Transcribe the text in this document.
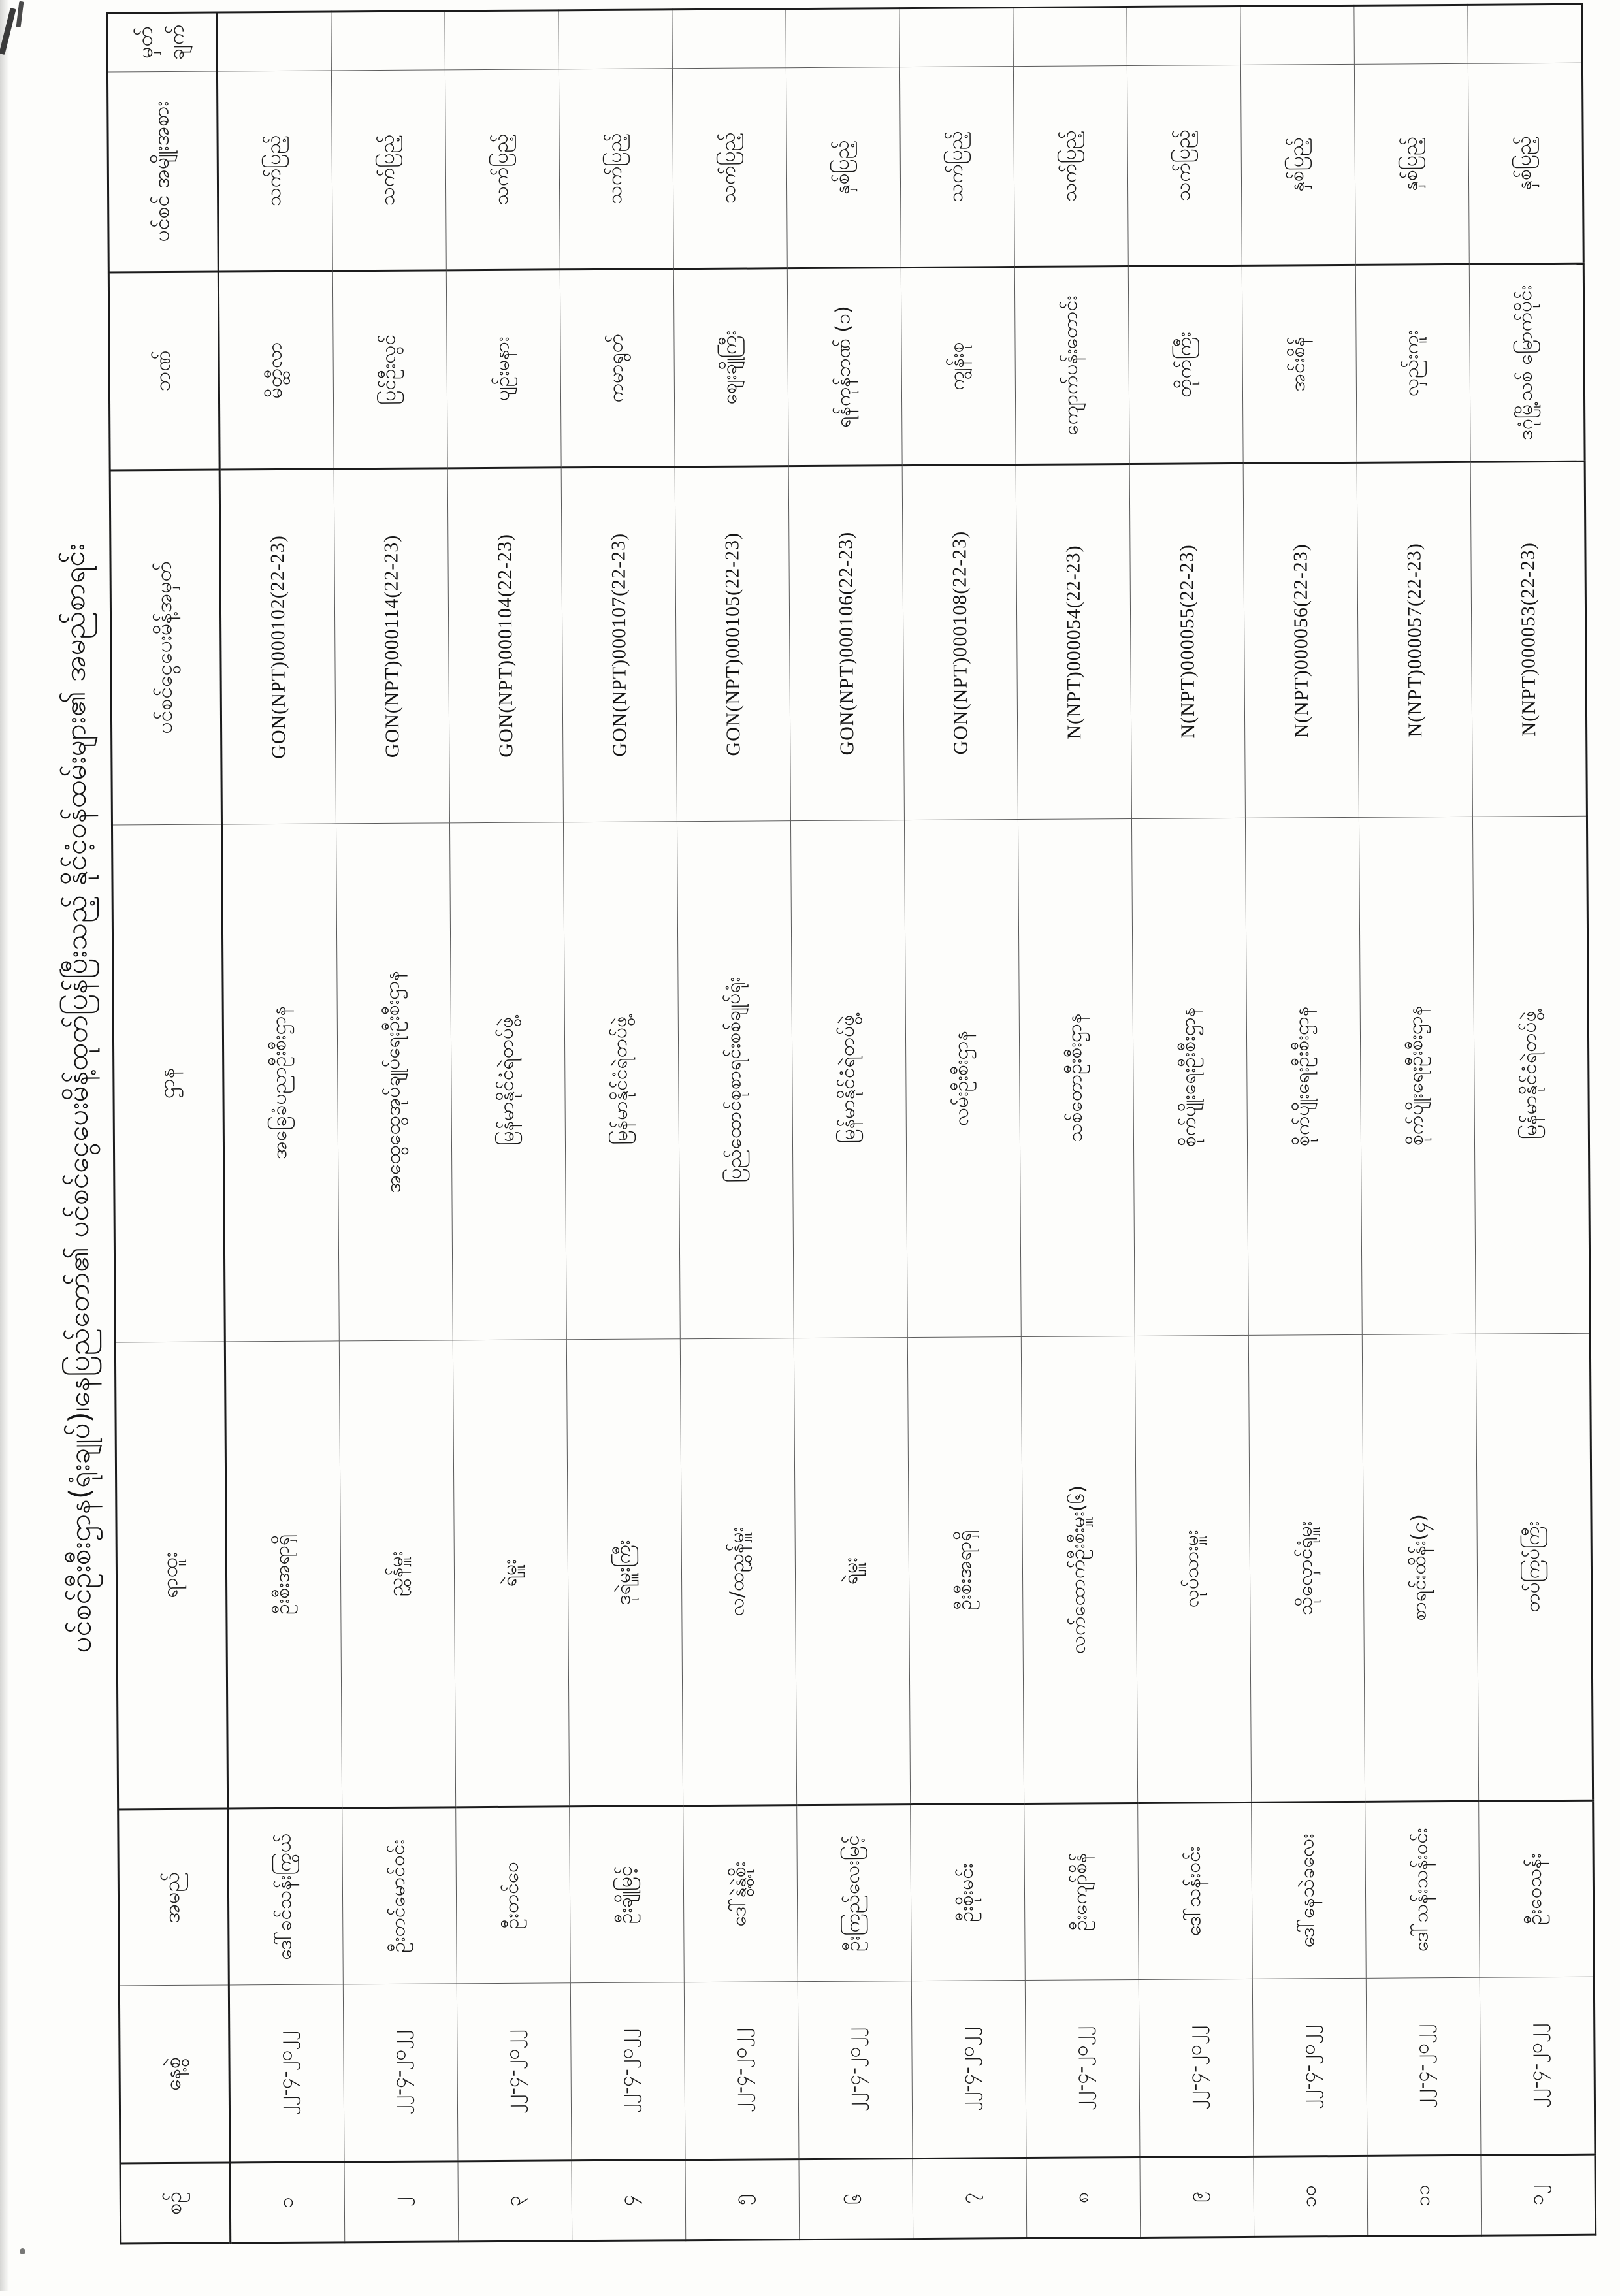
ပင်စင်ဦးစီးဌာန(ရုံးချုပ်)၊နေပြည်တော်၏ ပင်စင်ငွေပေးမိန့်ထုတ်ပြန်ပြီးသည့် နိုင်ငံ့ဝန်ထမ်းများ၏ အမည်စာရင်း
စဉ်	နေ့စွဲ	အမည်	ရာထူး	ဌာန	ပင်စင်ငွေပေးမိန့်အမှတ်	ဘဏ်	ပင်စင် အမျိုးအစား	မှတ် ချက်
၁	၂၂-၄-၂၀၂၂	ဒေါ်ခင်သန်းကြွယ်	ဦးစီးအရာရှိ	အခြေခံပညာဦးစီးဌာန	GON(NPT)000102(22-23)	မိတ္ထီလာ	သက်ပြည့်	
၂	၂၂-၄-၂၀၂၂	ဦးတင်မောင်ဝင်း	ညွှန်မှူး	အထွေထွေအုပ်ချုပ်ရေးဦးစီးဌာန	GON(NPT)000114(22-23)	ပြင်ဦးလွင်	သက်ပြည့်	
၃	၂၂-၄-၂၀၂၂	ဦးတင်ဝေ	ရဲမှူး	မြန်မာနိုင်ငံရဲတပ်ဖွဲ့	GON(NPT)000104(22-23)	ပျဉ်းမနား	သက်ပြည့်	
၄	၂၂-၄-၂၀၂၂	ဦးချိုမြင့်	ဒုရဲမှူးကြီး	မြန်မာနိုင်ငံရဲတပ်ဖွဲ့	GON(NPT)000107(22-23)	ကမာရွတ်	သက်ပြည့်	
၅	၂၂-၄-၂၀၂၂	ဒေါ်နွဲ့နွဲ့စိုး	လ/ထညွှန်မှူး	ပြည်ထောင်စုစာရင်းစစ်ချုပ်ရုံး	GON(NPT)000105(22-23)	စျေးချိုကြီး	သက်ပြည့်	
၆	၂၂-၄-၂၀၂၂	ဦးကြည်လေးမြင့်	ရဲမှူး	မြန်မာနိုင်ငံရဲတပ်ဖွဲ့	GON(NPT)000106(22-23)	ရန်ကုန်ဘဏ် (၁)	နှစ်ပြည့်	
၇	၂၂-၄-၂၀၂၂	ဦးစိုးမင်း	ဦးစီးအရာရှိ	လမ်းဦးစီးဌာန	GON(NPT)000108(22-23)	ကျွန်းစု	သက်ပြည့်	
၈	၂၂-၄-၂၀၂၂	ဦးကျော်စိန်	လက်ထောက်ဦးစီးမှူး(၆)	သစ်တောဦးစီးဌာန	N(NPT)000054(22-23)	ကျောက်ပန်းတောင်း	သက်ပြည့်	
၉	၂၂-၄-၂၀၂၂	ဒေါ်သန်းဝင်း	လုပ်သားမှူး	စိုက်ပျိုးရေးဦးစီးဌာန	N(NPT)000055(22-23)	တိုက်ကြီး	သက်ပြည့်	
၁၀	၂၂-၄-၂၀၂၂	ဒေါ်နေသဲခလေး	သိုလှောင်ရုံမှူး	စိုက်ပျိုးရေးဦးစီးဌာန	N(NPT)000056(22-23)	အင်းစိန်	နှစ်ပြည့်	
၁၁	၂၂-၄-၂၀၂၂	ဒေါ်သန်းသန်းဝင်း	စာရင်းထိန်း(၄)	စိုက်ပျိုးရေးဦးစီးဌာန	N(NPT)000057(22-23)	လှည်းကူး	နှစ်ပြည့်	
၁၂	၂၂-၄-၂၀၂၂	ဦးဝေသန်း	တပ်ကြပ်ကြီး	မြန်မာနိုင်ငံရဲတပ်ဖွဲ့	N(NPT)000053(22-23)	ဒဂုံမြို့သစ် မြောက်ပိုင်း	နှစ်ပြည့်	
